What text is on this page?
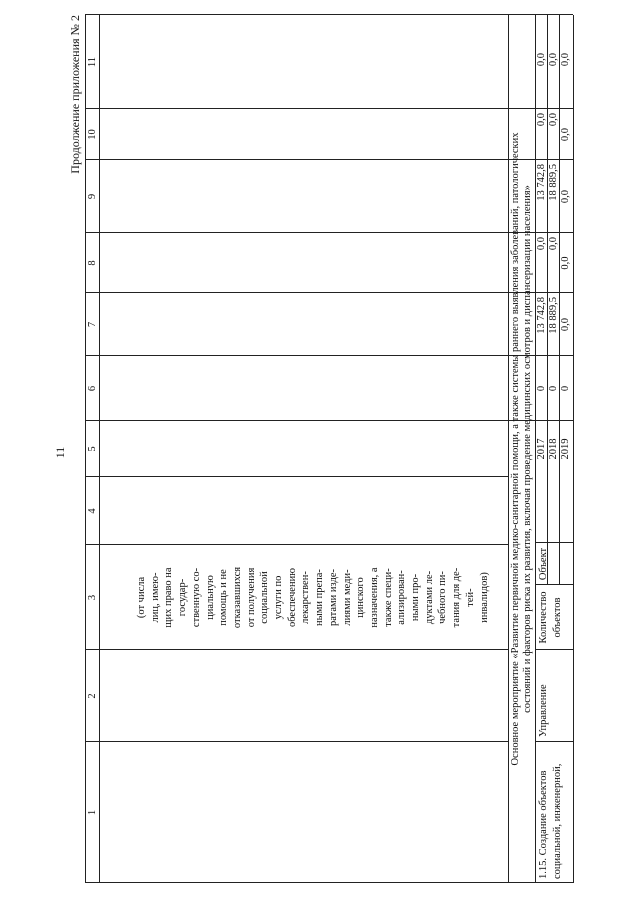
11
Продолжение приложения № 2
1
2
3
4
5
6
7
8
9
10
11
(от числа лиц, имею- щих право на государ- ственную со- циальную помощь и не отказавшихся от получения социальной услуги по обеспечению лекарствен- ными препа- ратами изде- лиями меди- цинского назначения, а также специ- ализирован- ными про- дуктами ле- чебного пи- тания для де- тей- инвалидов) Основное мероприятие «Развитие первичной медико-санитарной помощи, а также системы раннего выявления заболеваний, патологических состояний и факторов риска их развития, включая проведение медицинских осмотров и диспансеризации населения»
1.15. Создание объектов социальной, инженерной,
Управление
Количество объектов
Объект
2017
0
13 742,8
0,0
13 742,8
0,0
0,0
2018
0
18 889,5
0,0
18 889,5
0,0
0,0
2019
0
0,0
0,0
0,0
0,0
0,0
